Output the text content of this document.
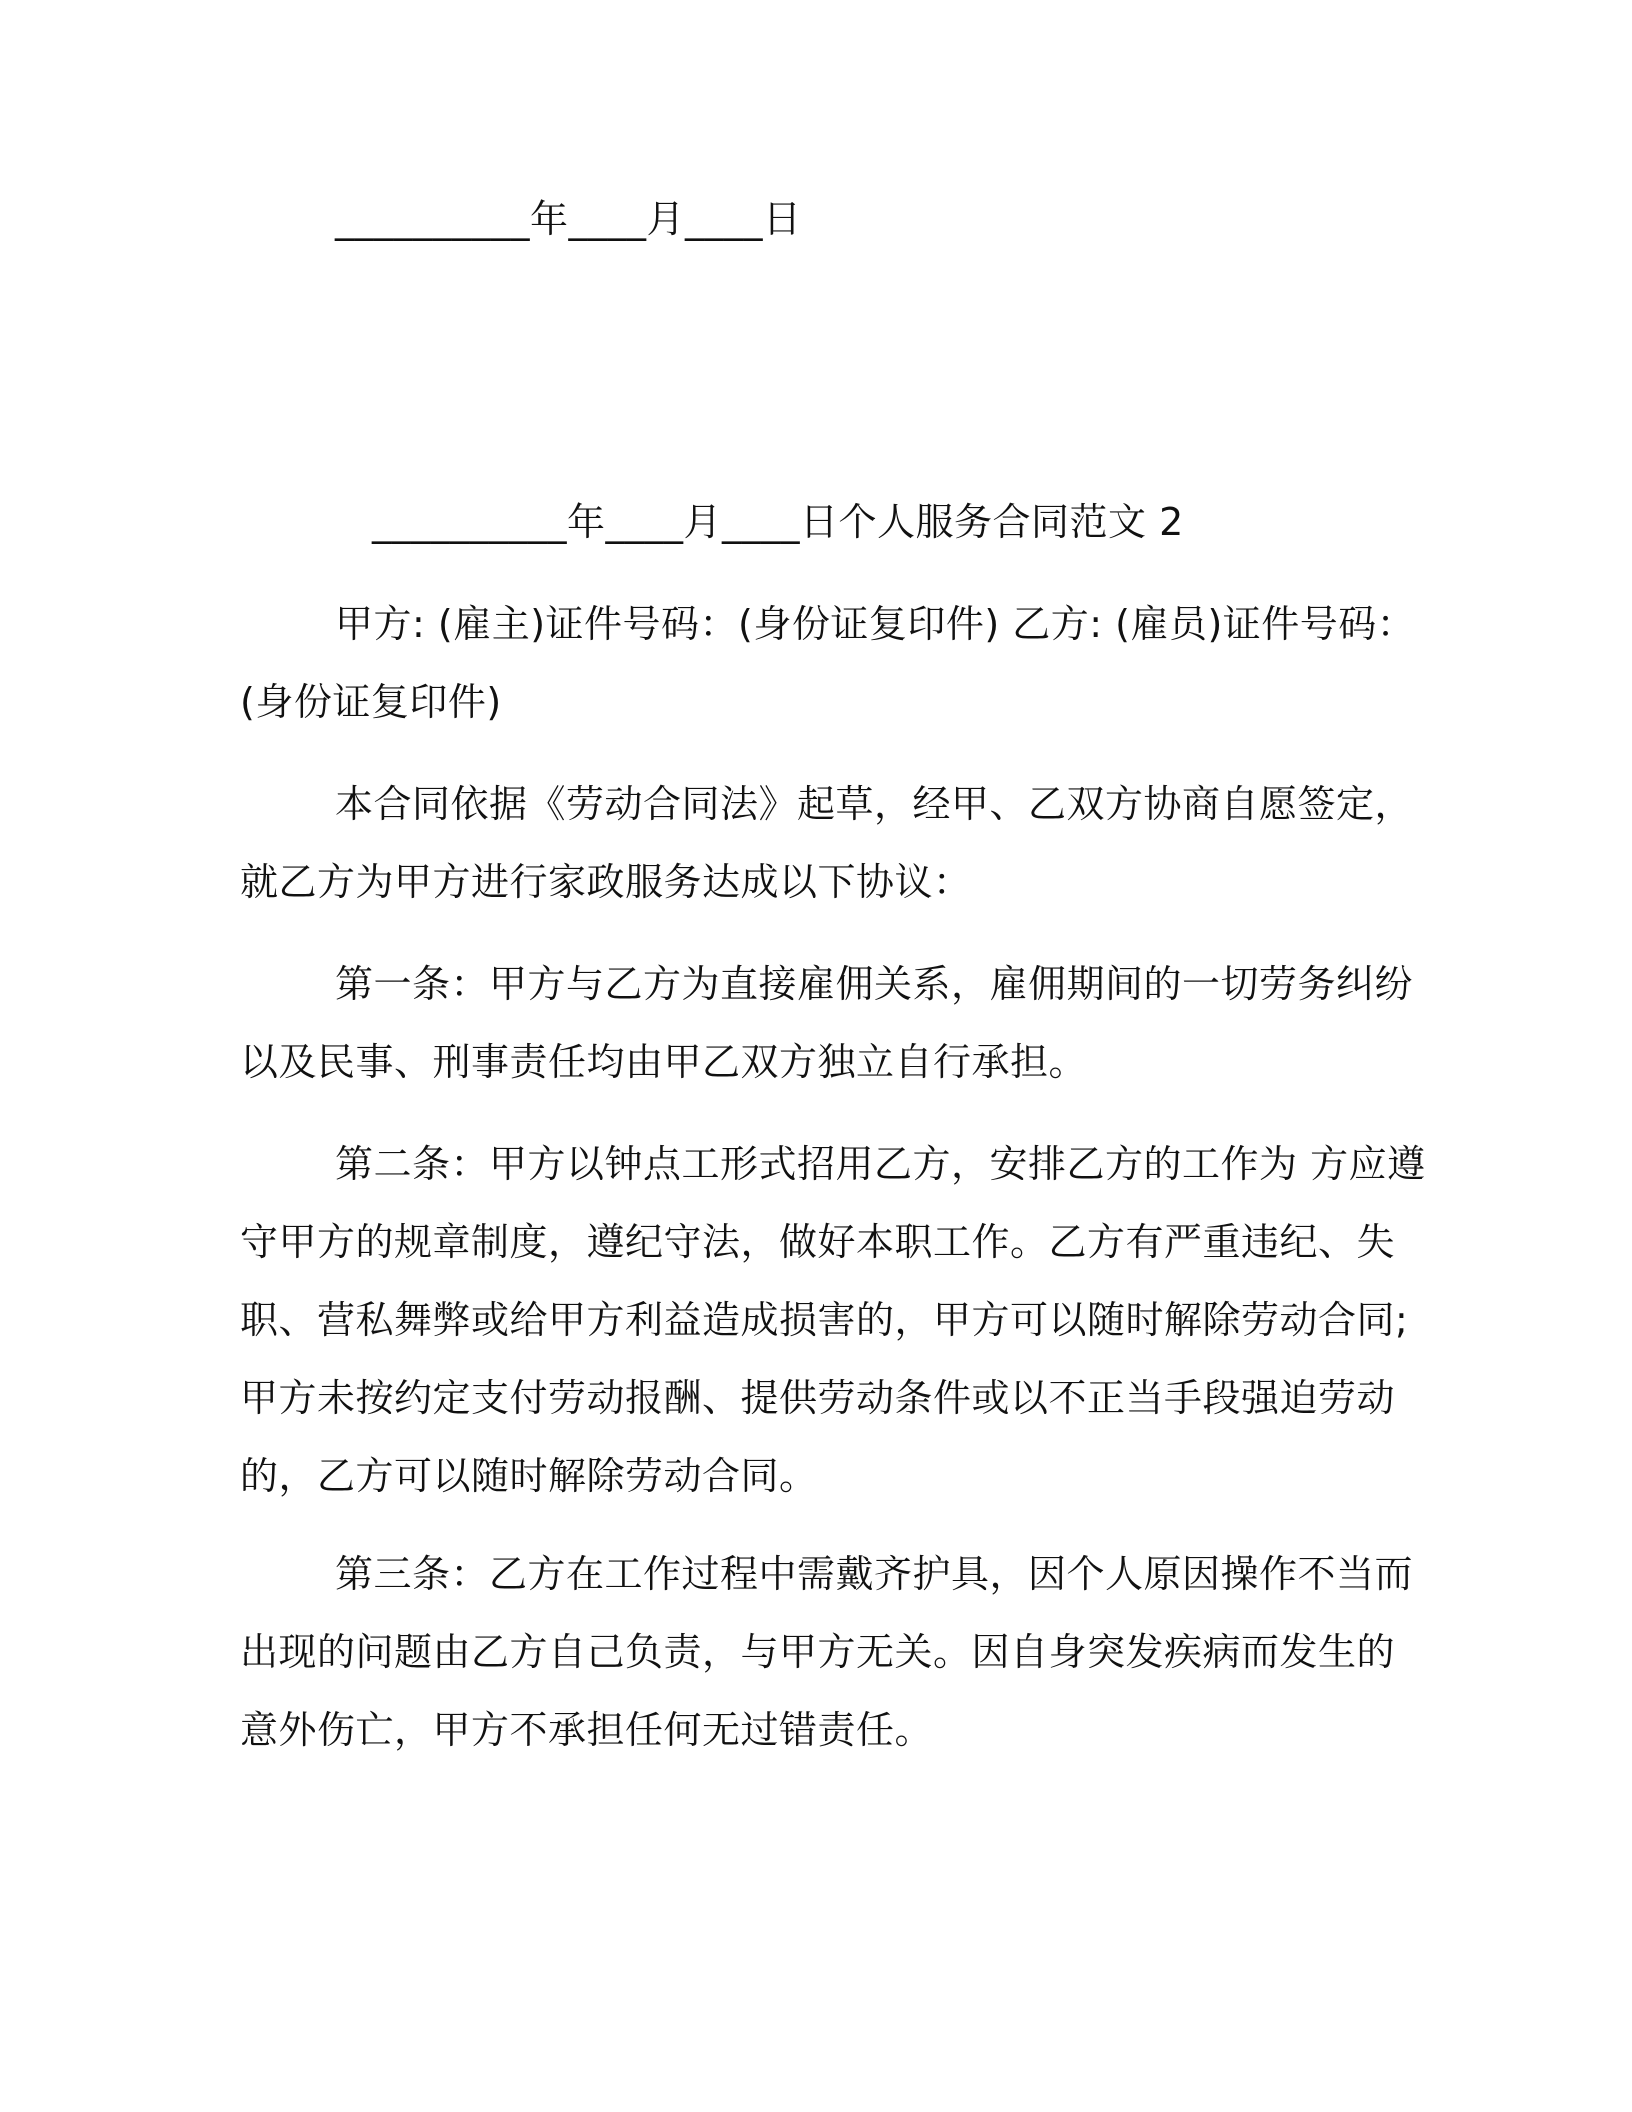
__________年____月____日
__________年____月____日个人服务合同范文 2
甲方: (雇主)证件号码：(身份证复印件) 乙方: (雇员)证件号码：
(身份证复印件)
本合同依据《劳动合同法》起草，经甲、乙双方协商自愿签定，
就乙方为甲方进行家政服务达成以下协议：
第一条：甲方与乙方为直接雇佣关系，雇佣期间的一切劳务纠纷
以及民事、刑事责任均由甲乙双方独立自行承担。
第二条：甲方以钟点工形式招用乙方，安排乙方的工作为 方应遵
守甲方的规章制度，遵纪守法，做好本职工作。乙方有严重违纪、失
职、营私舞弊或给甲方利益造成损害的，甲方可以随时解除劳动合同;
甲方未按约定支付劳动报酬、提供劳动条件或以不正当手段强迫劳动
的，乙方可以随时解除劳动合同。
第三条：乙方在工作过程中需戴齐护具，因个人原因操作不当而
出现的问题由乙方自己负责，与甲方无关。因自身突发疾病而发生的
意外伤亡，甲方不承担任何无过错责任。
